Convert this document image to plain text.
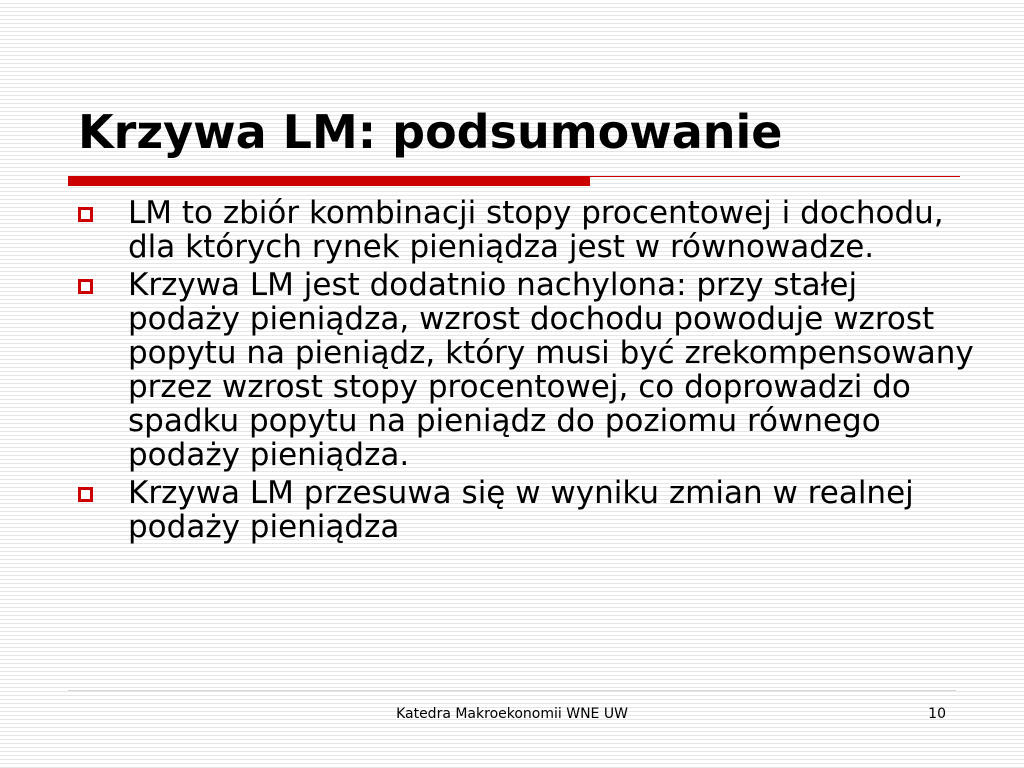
Krzywa LM: podsumowanie
LM to zbiór kombinacji stopy procentowej i dochodu, dla których rynek pieniądza jest w równowadze.
Krzywa LM jest dodatnio nachylona: przy stałej podaży pieniądza, wzrost dochodu powoduje wzrost popytu na pieniądz, który musi być zrekompensowany przez wzrost stopy procentowej, co doprowadzi do spadku popytu na pieniądz do poziomu równego podaży pieniądza.
Krzywa LM przesuwa się w wyniku zmian w realnej podaży pieniądza
Katedra Makroekonomii WNE UW	10
